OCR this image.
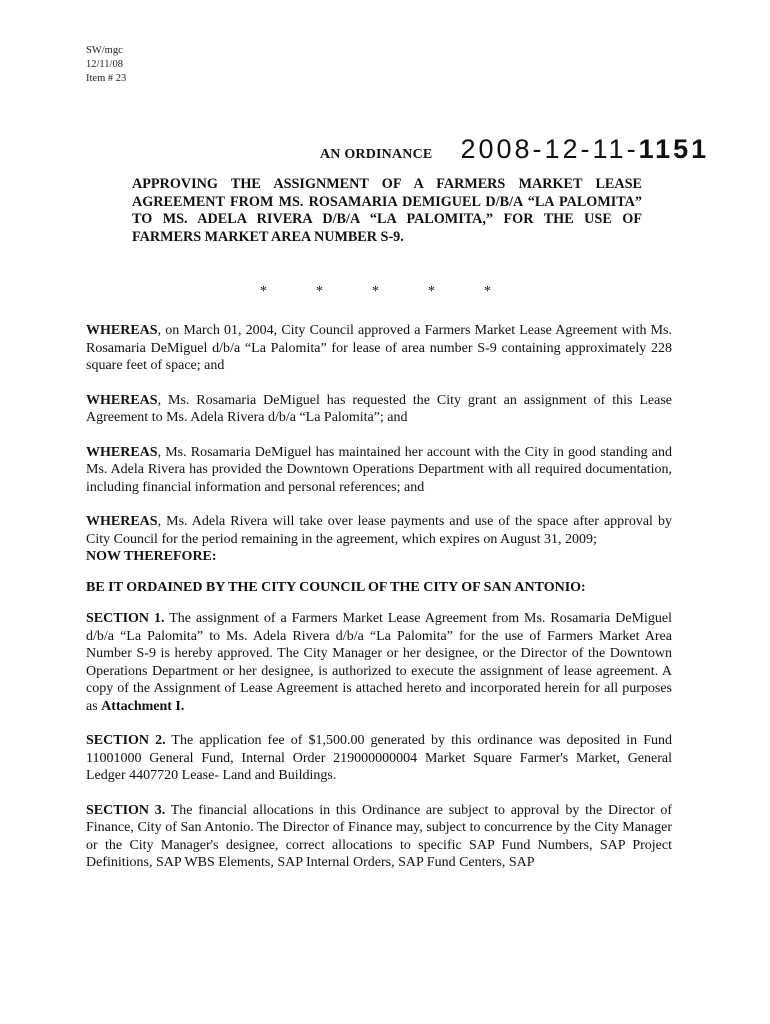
SW/mgc
12/11/08
Item # 23
AN ORDINANCE 2008-12-11-1151
APPROVING THE ASSIGNMENT OF A FARMERS MARKET LEASE AGREEMENT FROM MS. ROSAMARIA DEMIGUEL D/B/A “LA PALOMITA” TO MS. ADELA RIVERA D/B/A “LA PALOMITA,” FOR THE USE OF FARMERS MARKET AREA NUMBER S-9.
*	*	*	*	*

WHEREAS, on March 01, 2004, City Council approved a Farmers Market Lease Agreement with Ms. Rosamaria DeMiguel d/b/a “La Palomita” for lease of area number S-9 containing approximately 228 square feet of space; and

WHEREAS, Ms. Rosamaria DeMiguel has requested the City grant an assignment of this Lease Agreement to Ms. Adela Rivera d/b/a “La Palomita”; and

WHEREAS, Ms. Rosamaria DeMiguel has maintained her account with the City in good standing and Ms. Adela Rivera has provided the Downtown Operations Department with all required documentation, including financial information and personal references; and

WHEREAS, Ms. Adela Rivera will take over lease payments and use of the space after approval by City Council for the period remaining in the agreement, which expires on August 31, 2009;
NOW THEREFORE:

BE IT ORDAINED BY THE CITY COUNCIL OF THE CITY OF SAN ANTONIO:

SECTION 1. The assignment of a Farmers Market Lease Agreement from Ms. Rosamaria DeMiguel d/b/a “La Palomita” to Ms. Adela Rivera d/b/a “La Palomita” for the use of Farmers Market Area Number S-9 is hereby approved. The City Manager or her designee, or the Director of the Downtown Operations Department or her designee, is authorized to execute the assignment of lease agreement. A copy of the Assignment of Lease Agreement is attached hereto and incorporated herein for all purposes as Attachment I.

SECTION 2. The application fee of $1,500.00 generated by this ordinance was deposited in Fund 11001000 General Fund, Internal Order 219000000004 Market Square Farmer's Market, General Ledger 4407720 Lease- Land and Buildings.

SECTION 3. The financial allocations in this Ordinance are subject to approval by the Director of Finance, City of San Antonio. The Director of Finance may, subject to concurrence by the City Manager or the City Manager's designee, correct allocations to specific SAP Fund Numbers, SAP Project Definitions, SAP WBS Elements, SAP Internal Orders, SAP Fund Centers, SAP
